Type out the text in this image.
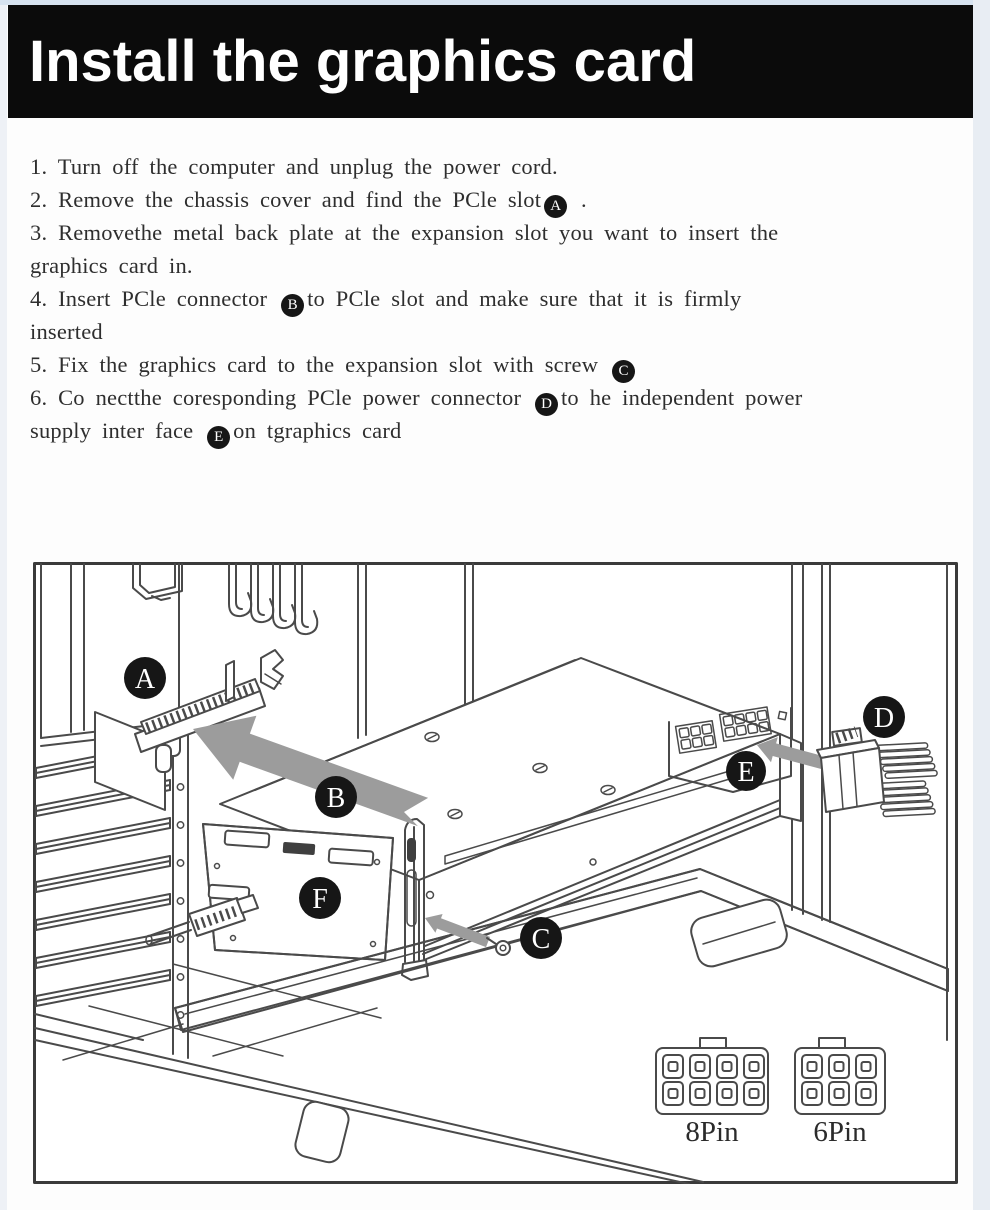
Install the graphics card
1. Turn off the computer and unplug the power cord.
2. Remove the chassis cover and find the PCle slot A .
3. Removethe metal back plate at the expansion slot you want to insert the
graphics card in.
4. Insert PCle connector B to PCle slot and make sure that it is firmly
inserted
5. Fix the graphics card to the expansion slot with screw C
6. Co nectthe coresponding PCle power connector D to he independent power
supply inter face E on tgraphics card
A
B
C
D
E
F
8Pin	6Pin
